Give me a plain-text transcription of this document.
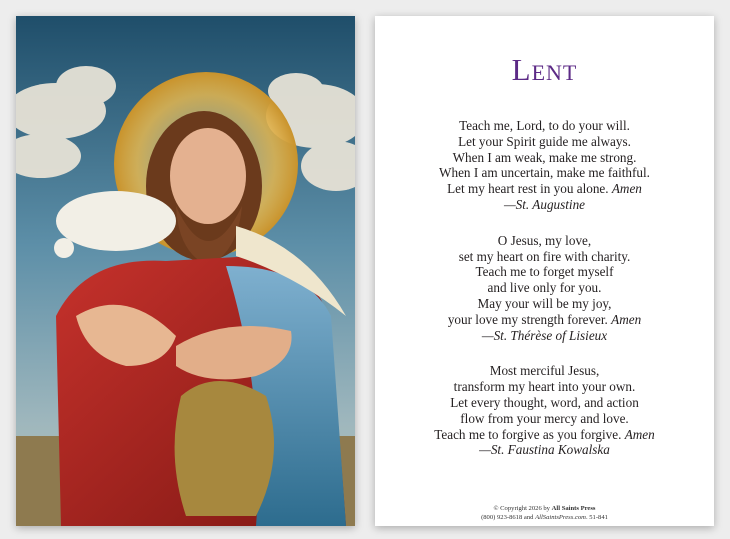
Lent
Teach me, Lord, to do your will.
Let your Spirit guide me always.
When I am weak, make me strong.
When I am uncertain, make me faithful.
Let my heart rest in you alone. Amen
—St. Augustine
O Jesus, my love,
set my heart on fire with charity.
Teach me to forget myself
and live only for you.
May your will be my joy,
your love my strength forever. Amen
—St. Thérèse of Lisieux
Most merciful Jesus,
transform my heart into your own.
Let every thought, word, and action
flow from your mercy and love.
Teach me to forgive as you forgive. Amen
—St. Faustina Kowalska
© Copyright 2026 by All Saints Press
(800) 923-8618 and AllSaintsPress.com. 51-841
